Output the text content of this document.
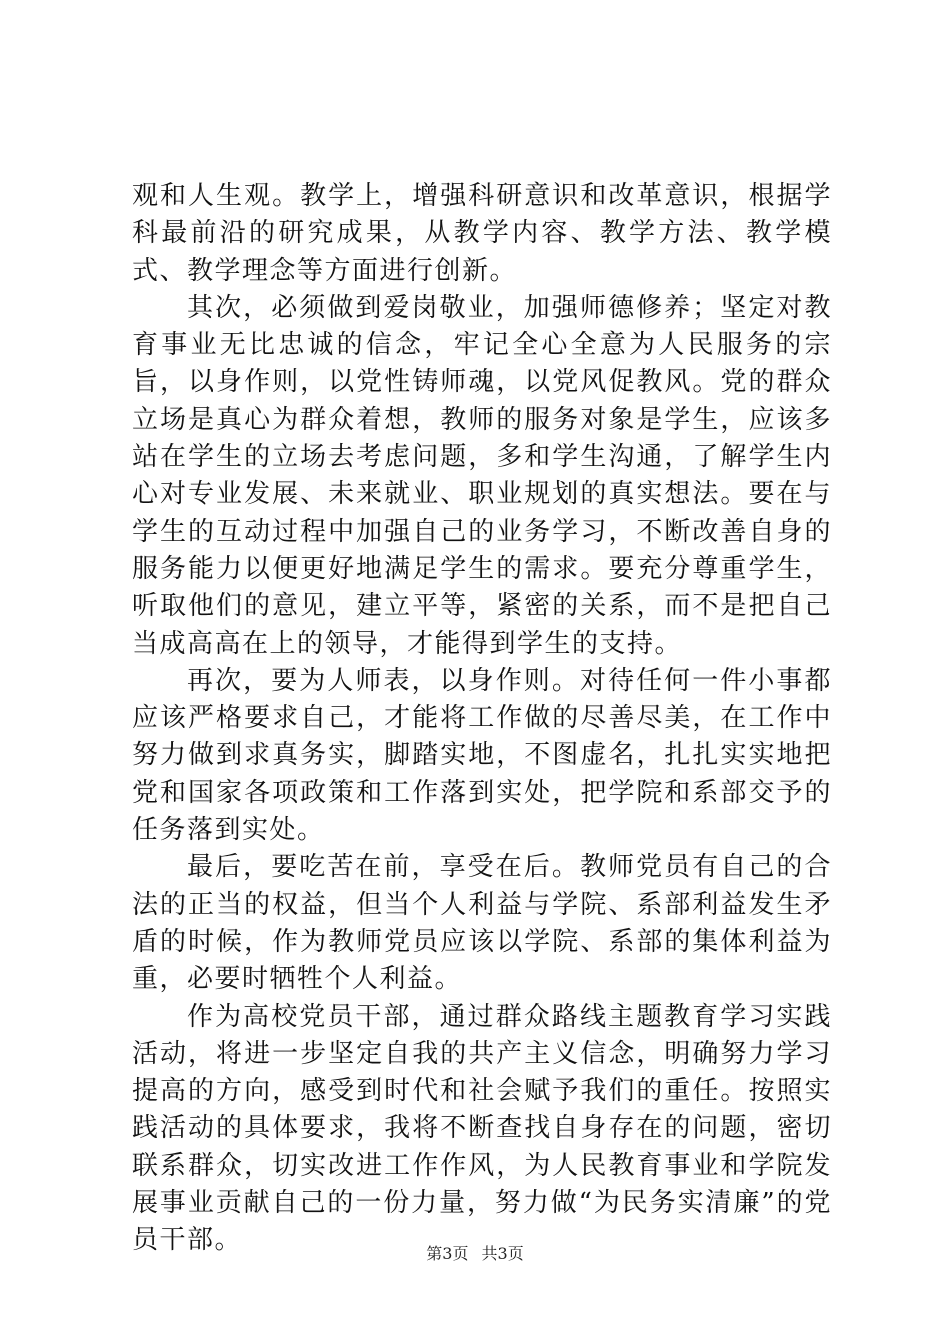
观和人生观。教学上，增强科研意识和改革意识，根据学科最前沿的研究成果，从教学内容、教学方法、教学模式、教学理念等方面进行创新。

其次，必须做到爱岗敬业，加强师德修养；坚定对教育事业无比忠诚的信念，牢记全心全意为人民服务的宗旨，以身作则，以党性铸师魂，以党风促教风。党的群众立场是真心为群众着想，教师的服务对象是学生，应该多站在学生的立场去考虑问题，多和学生沟通，了解学生内心对专业发展、未来就业、职业规划的真实想法。要在与学生的互动过程中加强自己的业务学习，不断改善自身的服务能力以便更好地满足学生的需求。要充分尊重学生，听取他们的意见，建立平等，紧密的关系，而不是把自己当成高高在上的领导，才能得到学生的支持。

再次，要为人师表，以身作则。对待任何一件小事都应该严格要求自己，才能将工作做的尽善尽美，在工作中努力做到求真务实，脚踏实地，不图虚名，扎扎实实地把党和国家各项政策和工作落到实处，把学院和系部交予的任务落到实处。

最后，要吃苦在前，享受在后。教师党员有自己的合法的正当的权益，但当个人利益与学院、系部利益发生矛盾的时候，作为教师党员应该以学院、系部的集体利益为重，必要时牺牲个人利益。

作为高校党员干部，通过群众路线主题教育学习实践活动，将进一步坚定自我的共产主义信念，明确努力学习提高的方向，感受到时代和社会赋予我们的重任。按照实践活动的具体要求，我将不断查找自身存在的问题，密切联系群众，切实改进工作作风，为人民教育事业和学院发展事业贡献自己的一份力量，努力做“为民务实清廉”的党员干部。	第3页 共3页
